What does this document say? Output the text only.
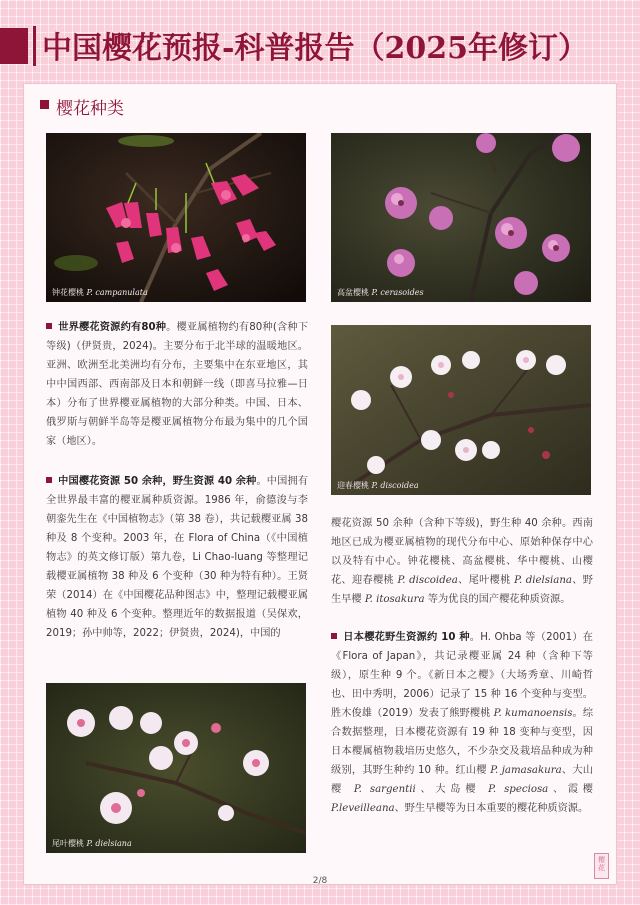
中国樱花预报-科普报告（2025年修订）
樱花种类
钟花樱桃 P. campanulata	高盆樱桃 P. cerasoides
迎春樱桃 P. discoidea
尾叶樱桃 P. dielsiana
世界樱花资源约有80种。樱亚属植物约有80种(含种下等级)（伊贤贵，2024)。主要分布于北半球的温暖地区。亚洲、欧洲至北美洲均有分布，主要集中在东亚地区，其中中国西部、西南部及日本和朝鲜一线（即喜马拉雅—日本）分布了世界樱亚属植物的大部分种类。中国、日本、俄罗斯与朝鲜半岛等是樱亚属植物分布最为集中的几个国家（地区）。
中国樱花资源 50 余种，野生资源 40 余种。中国拥有全世界最丰富的樱亚属种质资源。1986 年，俞德浚与李朝銮先生在《中国植物志》（第 38 卷），共记载樱亚属 38 种及 8 个变种。2003 年，在 Flora of China（《中国植物志》的英文修订版）第九卷，Li Chao-luang 等整理记载樱亚属植物 38 种及 6 个变种（30 种为特有种）。王贤荣（2014）在《中国樱花品种图志》中，整理记载樱亚属植物 40 种及 6 个变种。整理近年的数据报道（吴保欢，2019；孙中帅等，2022；伊贤贵，2024)，中国的
樱花资源 50 余种（含种下等级)，野生种 40 余种。西南地区已成为樱亚属植物的现代分布中心、原始种保存中心以及特有中心。钟花樱桃、高盆樱桃、华中樱桃、山樱花、迎春樱桃 P. discoidea、尾叶樱桃 P. dielsiana、野生早樱 P. itosakura 等为优良的国产樱花种质资源。
日本樱花野生资源约 10 种。H. Ohba 等（2001）在《Flora of Japan》，共记录樱亚属 24 种（含种下等级），原生种 9 个。《新日本之樱》（大场秀章、川崎哲也、田中秀明，2006）记录了 15 种 16 个变种与变型。胜木俊雄（2019）发表了熊野樱桃 P. kumanoensis。综合数据整理，日本樱花资源有 19 种 18 变种与变型，因日本樱属植物栽培历史悠久，不少杂交及栽培品种成为种级别，其野生种约 10 种。红山樱 P. jamasakura、大山樱 P. sargentii、大岛樱 P. speciosa、霞樱 P.leveilleana、野生早樱等为日本重要的樱花种质资源。
樱花
2/8
